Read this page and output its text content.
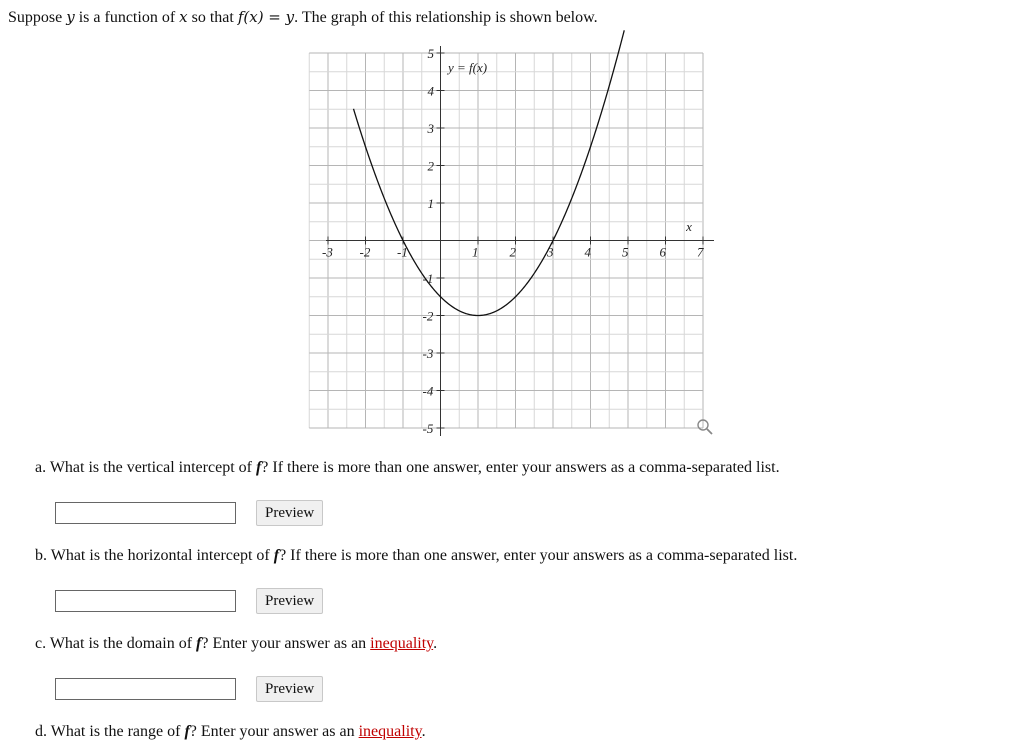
Suppose y is a function of x so that f(x) = y. The graph of this relationship is shown below.
-3 -2 -1	1 2 3 4 5 6 7
5
4
3
2
1
-1
-2
-3
-4
-5
y = f(x)
x
a. What is the vertical intercept of f? If there is more than one answer, enter your answers as a comma-separated list.
Preview
b. What is the horizontal intercept of f? If there is more than one answer, enter your answers as a comma-separated list.
Preview
c. What is the domain of f? Enter your answer as an inequality.
Preview
d. What is the range of f? Enter your answer as an inequality.
